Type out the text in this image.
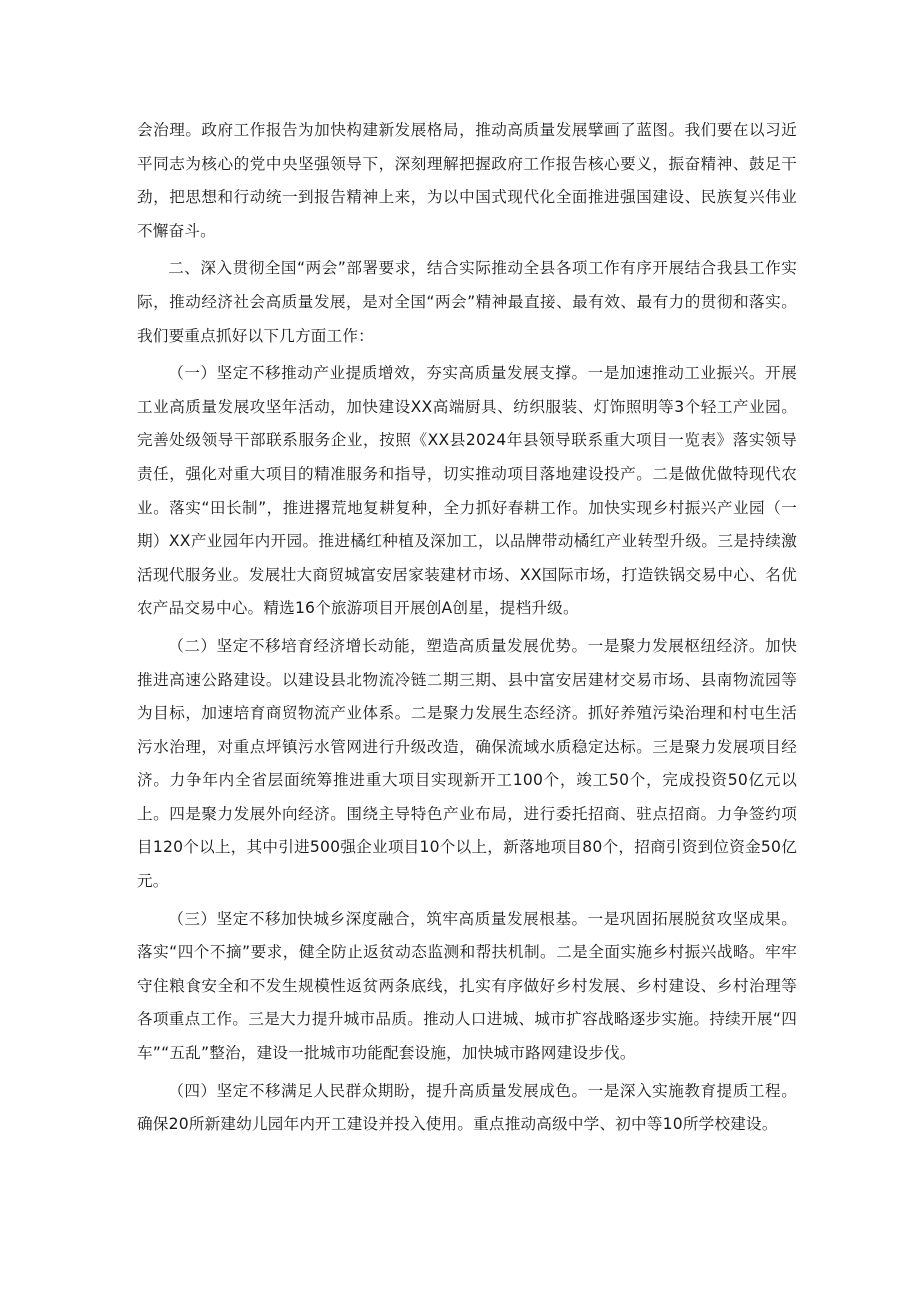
会治理。政府工作报告为加快构建新发展格局，推动高质量发展擘画了蓝图。我们要在以习近平同志为核心的党中央坚强领导下，深刻理解把握政府工作报告核心要义，振奋精神、鼓足干劲，把思想和行动统一到报告精神上来，为以中国式现代化全面推进强国建设、民族复兴伟业不懈奋斗。

二、深入贯彻全国“两会”部署要求，结合实际推动全县各项工作有序开展结合我县工作实际，推动经济社会高质量发展，是对全国“两会”精神最直接、最有效、最有力的贯彻和落实。我们要重点抓好以下几方面工作：

（一）坚定不移推动产业提质增效，夯实高质量发展支撑。一是加速推动工业振兴。开展工业高质量发展攻坚年活动，加快建设XX高端厨具、纺织服装、灯饰照明等3个轻工产业园。完善处级领导干部联系服务企业，按照《XX县2024年县领导联系重大项目一览表》落实领导责任，强化对重大项目的精准服务和指导，切实推动项目落地建设投产。二是做优做特现代农业。落实“田长制”，推进撂荒地复耕复种，全力抓好春耕工作。加快实现乡村振兴产业园（一期）XX产业园年内开园。推进橘红种植及深加工，以品牌带动橘红产业转型升级。三是持续激活现代服务业。发展壮大商贸城富安居家装建材市场、XX国际市场，打造铁锅交易中心、名优农产品交易中心。精选16个旅游项目开展创A创星，提档升级。

（二）坚定不移培育经济增长动能，塑造高质量发展优势。一是聚力发展枢纽经济。加快推进高速公路建设。以建设县北物流冷链二期三期、县中富安居建材交易市场、县南物流园等为目标，加速培育商贸物流产业体系。二是聚力发展生态经济。抓好养殖污染治理和村屯生活污水治理，对重点坪镇污水管网进行升级改造，确保流域水质稳定达标。三是聚力发展项目经济。力争年内全省层面统筹推进重大项目实现新开工100个，竣工50个，完成投资50亿元以上。四是聚力发展外向经济。围绕主导特色产业布局，进行委托招商、驻点招商。力争签约项目120个以上，其中引进500强企业项目10个以上，新落地项目80个，招商引资到位资金50亿元。

（三）坚定不移加快城乡深度融合，筑牢高质量发展根基。一是巩固拓展脱贫攻坚成果。落实“四个不摘”要求，健全防止返贫动态监测和帮扶机制。二是全面实施乡村振兴战略。牢牢守住粮食安全和不发生规模性返贫两条底线，扎实有序做好乡村发展、乡村建设、乡村治理等各项重点工作。三是大力提升城市品质。推动人口进城、城市扩容战略逐步实施。持续开展“四车”“五乱”整治，建设一批城市功能配套设施，加快城市路网建设步伐。

（四）坚定不移满足人民群众期盼，提升高质量发展成色。一是深入实施教育提质工程。确保20所新建幼儿园年内开工建设并投入使用。重点推动高级中学、初中等10所学校建设。
